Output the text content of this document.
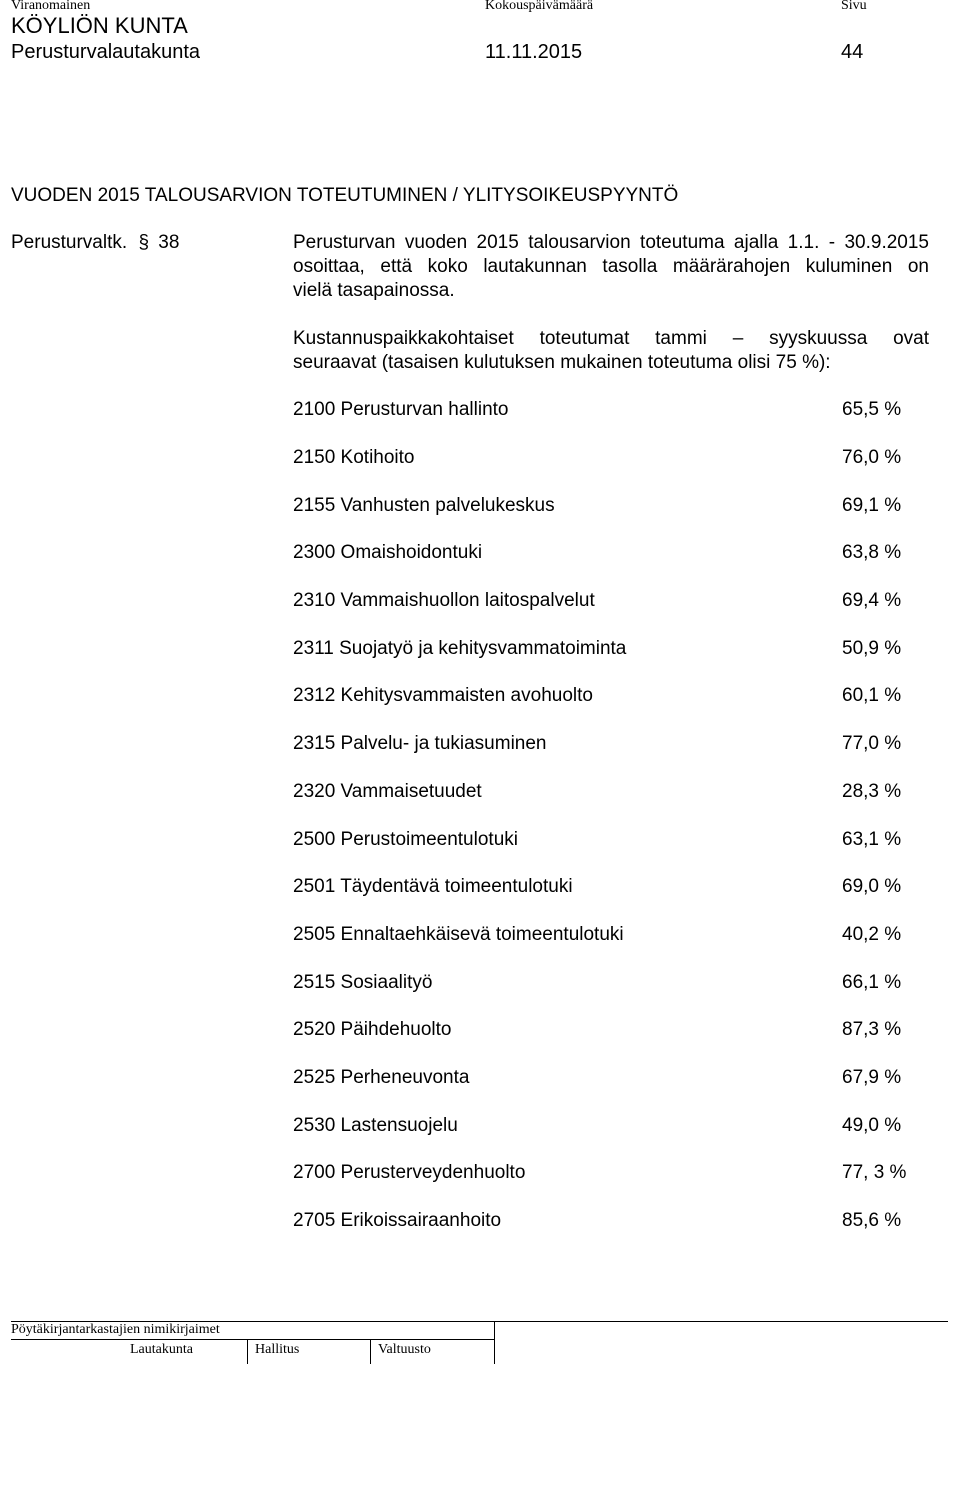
Viranomainen	Kokouspäivämäärä	Sivu
KÖYLIÖN KUNTA
Perusturvalautakunta	11.11.2015	44
VUODEN 2015 TALOUSARVION TOTEUTUMINEN / YLITYSOIKEUSPYYNTÖ
Perusturvaltk. § 38	Perusturvan vuoden 2015 talousarvion toteutuma ajalla 1.1. - 30.9.2015
osoittaa, että koko lautakunnan tasolla määrärahojen kuluminen on
vielä tasapainossa.
Kustannuspaikkakohtaiset toteutumat tammi – syyskuussa ovat
seuraavat (tasaisen kulutuksen mukainen toteutuma olisi 75 %):
2100 Perusturvan hallinto	65,5 %
2150 Kotihoito	76,0 %
2155 Vanhusten palvelukeskus	69,1 %
2300 Omaishoidontuki	63,8 %
2310 Vammaishuollon laitospalvelut	69,4 %
2311 Suojatyö ja kehitysvammatoiminta	50,9 %
2312 Kehitysvammaisten avohuolto	60,1 %
2315 Palvelu- ja tukiasuminen	77,0 %
2320 Vammaisetuudet	28,3 %
2500 Perustoimeentulotuki	63,1 %
2501 Täydentävä toimeentulotuki	69,0 %
2505 Ennaltaehkäisevä toimeentulotuki	40,2 %
2515 Sosiaalityö	66,1 %
2520 Päihdehuolto	87,3 %
2525 Perheneuvonta	67,9 %
2530 Lastensuojelu	49,0 %
2700 Perusterveydenhuolto	77, 3 %
2705 Erikoissairaanhoito	85,6 %
Pöytäkirjantarkastajien nimikirjaimet
Lautakunta	Hallitus	Valtuusto
